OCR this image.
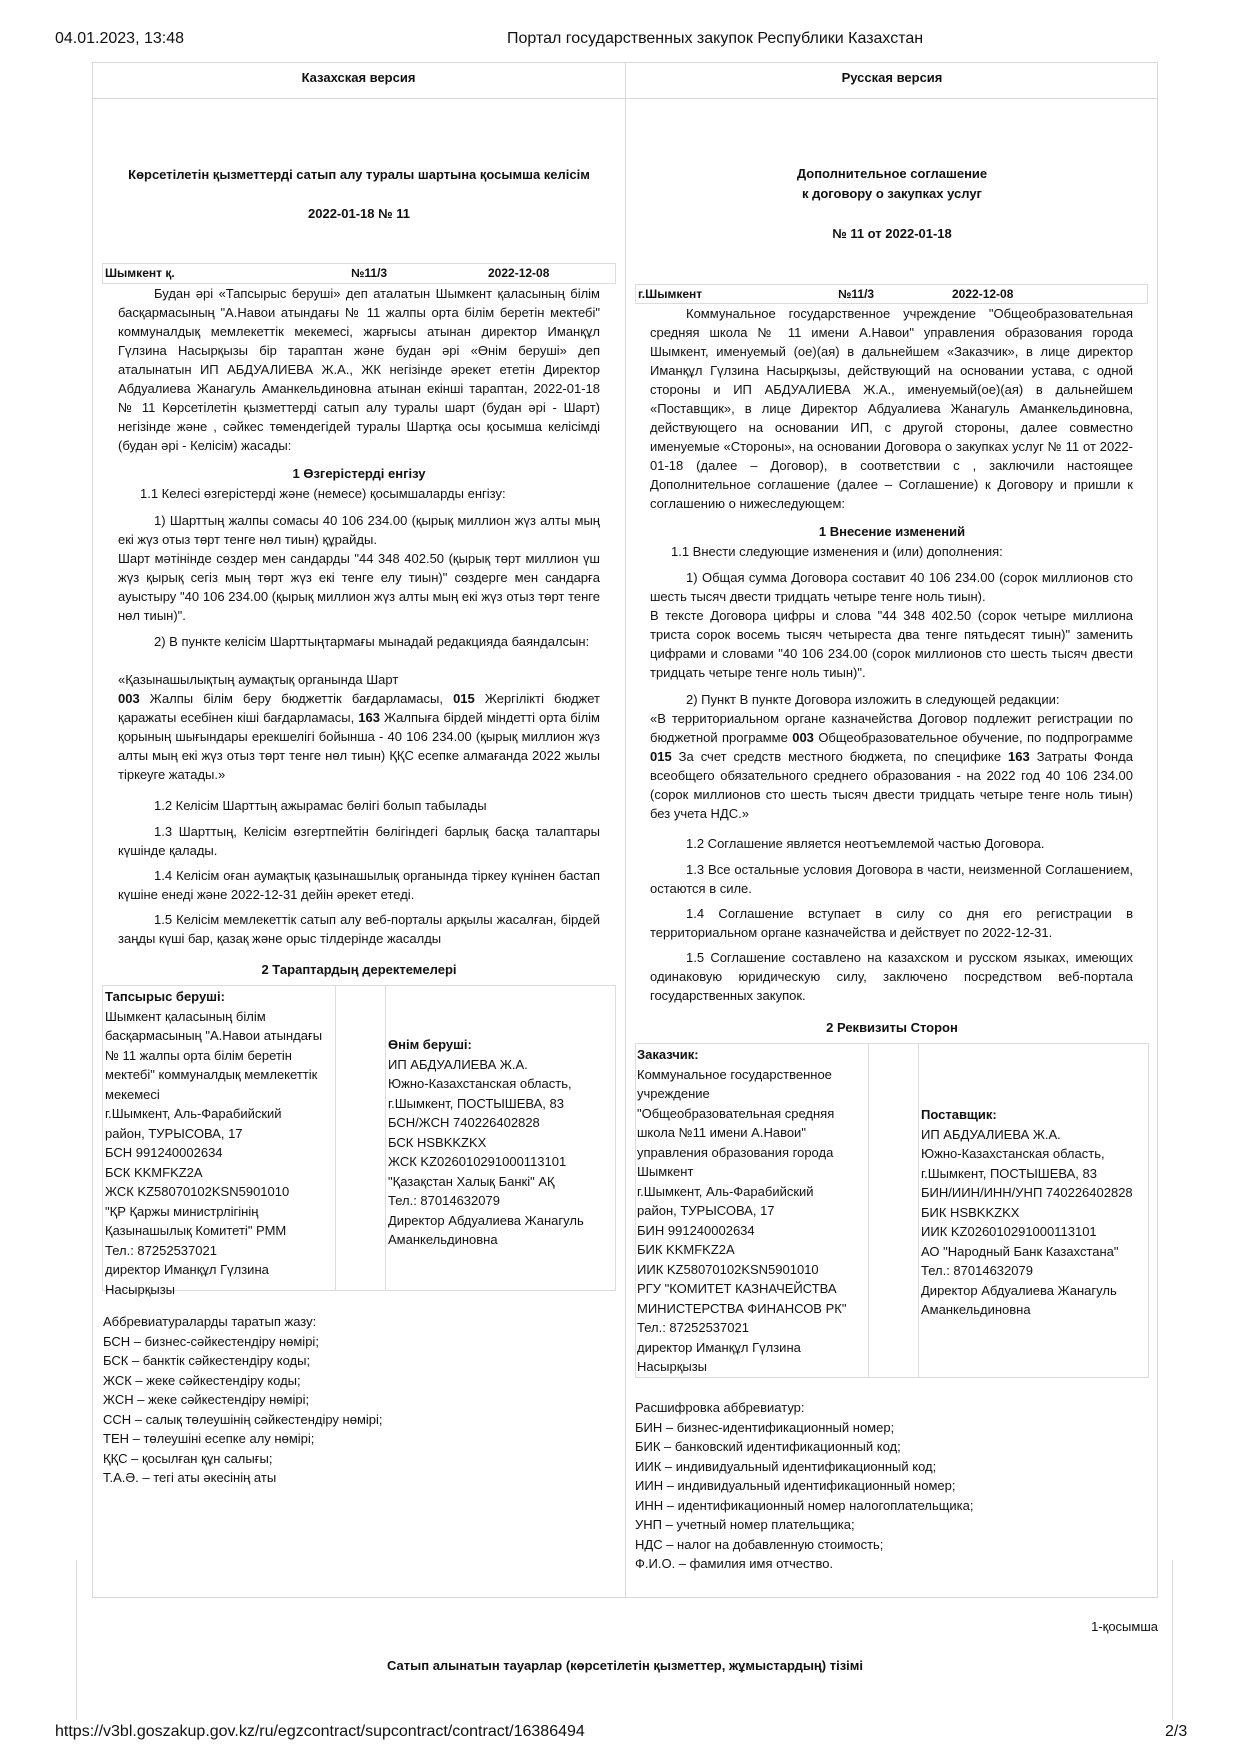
04.01.2023, 13:48	Портал государственных закупок Республики Казахстан
Казахская версия	Русская версия
Көрсетілетін қызметтерді сатып алу туралы шартына қосымша келісім
2022-01-18 № 11
Шымкент қ.	№11/3	2022-12-08
Будан әрі «Тапсырыс беруші» деп аталатын Шымкент қаласының білім басқармасының "А.Навои атындағы № 11 жалпы орта білім беретін мектебі" коммуналдық мемлекеттік мекемесі, жарғысы атынан директор Иманқұл Гүлзина Насырқызы бір тараптан және будан әрі «Өнім беруші» деп аталынатын ИП АБДУАЛИЕВА Ж.А., ЖК негізінде әрекет ететін Директор Абдуалиева Жанагуль Аманкельдиновна атынан екінші тараптан, 2022-01-18 № 11 Көрсетілетін қызметтерді сатып алу туралы шарт (будан әрі - Шарт) негізінде және , сәйкес төмендегідей туралы Шартқа осы қосымша келісімді (будан әрі - Келісім) жасады:
1 Өзгерістерді енгізу
1.1 Келесі өзгерістерді және (немесе) қосымшаларды енгізу:
1) Шарттың жалпы сомасы 40 106 234.00 (қырық миллион жүз алты мың екі жүз отыз төрт тенге нөл тиын) құрайды.
Шарт мәтінінде сөздер мен сандарды "44 348 402.50 (қырық төрт миллион үш жүз қырық сегіз мың төрт жүз екі тенге елу тиын)" сөздерге мен сандарға ауыстыру "40 106 234.00 (қырық миллион жүз алты мың екі жүз отыз төрт тенге нөл тиын)".
2) В пункте келісім Шарттыңтармағы мынадай редакцияда баяндалсын:
«Қазынашылықтың аумақтық органында Шарт
003 Жалпы білім беру бюджеттік бағдарламасы, 015 Жергілікті бюджет қаражаты есебінен кіші бағдарламасы, 163 Жалпыға бірдей міндетті орта білім қорының шығындары ерекшелігі бойынша - 40 106 234.00 (қырық миллион жүз алты мың екі жүз отыз төрт тенге нөл тиын) ҚҚС есепке алмағанда 2022 жылы тіркеуге жатады.»
1.2 Келісім Шарттың ажырамас бөлігі болып табылады
1.3 Шарттың, Келісім өзгертпейтін бөлігіндегі барлық басқа талаптары күшінде қалады.
1.4 Келісім оған аумақтық қазынашылық органында тіркеу күнінен бастап күшіне енеді және 2022-12-31 дейін әрекет етеді.
1.5 Келісім мемлекеттік сатып алу веб-порталы арқылы жасалған, бірдей заңды күші бар, қазақ және орыс тілдерінде жасалды
2 Тараптардың деректемелері
Тапсырыс беруші:
Шымкент қаласының білім
басқармасының "А.Навои атындағы
№ 11 жалпы орта білім беретін
мектебі" коммуналдық мемлекеттік
мекемесі
г.Шымкент, Аль-Фарабийский
район, ТУРЫСОВА, 17
БСН 991240002634
БСК KKMFKZ2A
ЖСК KZ58070102KSN5901010
"ҚР Қаржы министрлігінің
Қазынашылық Комитеті" РММ
Тел.: 87252537021
директор Иманқұл Гүлзина
Насырқызы
Өнім беруші:
ИП АБДУАЛИЕВА Ж.А.
Южно-Казахстанская область,
г.Шымкент, ПОСТЫШЕВА, 83
БСН/ЖСН 740226402828
БСК HSBKKZKX
ЖСК KZ026010291000113101
"Қазақстан Халық Банкі" АҚ
Тел.: 87014632079
Директор Абдуалиева Жанагуль
Аманкельдиновна
Аббревиатураларды таратып жазу:
БСН – бизнес-сәйкестендіру нөмірі;
БСК – банктік сәйкестендіру коды;
ЖСК – жеке сәйкестендіру коды;
ЖСН – жеке сәйкестендіру нөмірі;
ССН – салық төлеушінің сәйкестендіру нөмірі;
ТЕН – төлеушіні есепке алу нөмірі;
ҚҚС – қосылған құн салығы;
Т.А.Ә. – тегі аты әкесінің аты
Дополнительное соглашение
к договору о закупках услуг
№ 11 от 2022-01-18
г.Шымкент	№11/3	2022-12-08
Коммунальное государственное учреждение "Общеобразовательная средняя школа № 11 имени А.Навои" управления образования города Шымкент, именуемый (ое)(ая) в дальнейшем «Заказчик», в лице директор Иманқұл Гүлзина Насырқызы, действующий на основании устава, с одной стороны и ИП АБДУАЛИЕВА Ж.А., именуемый(ое)(ая) в дальнейшем «Поставщик», в лице Директор Абдуалиева Жанагуль Аманкельдиновна, действующего на основании ИП, с другой стороны, далее совместно именуемые «Стороны», на основании Договора о закупках услуг № 11 от 2022-01-18 (далее – Договор), в соответствии с , заключили настоящее Дополнительное соглашение (далее – Соглашение) к Договору и пришли к соглашению о нижеследующем:
1 Внесение изменений
1.1 Внести следующие изменения и (или) дополнения:
1) Общая сумма Договора составит 40 106 234.00 (сорок миллионов сто шесть тысяч двести тридцать четыре тенге ноль тиын).
В тексте Договора цифры и слова "44 348 402.50 (сорок четыре миллиона триста сорок восемь тысяч четыреста два тенге пятьдесят тиын)" заменить цифрами и словами "40 106 234.00 (сорок миллионов сто шесть тысяч двести тридцать четыре тенге ноль тиын)".
2) Пункт В пункте Договора изложить в следующей редакции:
«В территориальном органе казначейства Договор подлежит регистрации по бюджетной программе 003 Общеобразовательное обучение, по подпрограмме 015 За счет средств местного бюджета, по специфике 163 Затраты Фонда всеобщего обязательного среднего образования - на 2022 год 40 106 234.00 (сорок миллионов сто шесть тысяч двести тридцать четыре тенге ноль тиын) без учета НДС.»
1.2 Соглашение является неотъемлемой частью Договора.
1.3 Все остальные условия Договора в части, неизменной Соглашением, остаются в силе.
1.4 Соглашение вступает в силу со дня его регистрации в территориальном органе казначейства и действует по 2022-12-31.
1.5 Соглашение составлено на казахском и русском языках, имеющих одинаковую юридическую силу, заключено посредством веб-портала государственных закупок.
2 Реквизиты Сторон
Заказчик:
Коммунальное государственное
учреждение
"Общеобразовательная средняя
школа №11 имени А.Навои"
управления образования города
Шымкент
г.Шымкент, Аль-Фарабийский
район, ТУРЫСОВА, 17
БИН 991240002634
БИК KKMFKZ2A
ИИК KZ58070102KSN5901010
РГУ "КОМИТЕТ КАЗНАЧЕЙСТВА
МИНИСТЕРСТВА ФИНАНСОВ РК"
Тел.: 87252537021
директор Иманқұл Гүлзина
Насырқызы
Поставщик:
ИП АБДУАЛИЕВА Ж.А.
Южно-Казахстанская область,
г.Шымкент, ПОСТЫШЕВА, 83
БИН/ИИН/ИНН/УНП 740226402828
БИК HSBKKZKX
ИИК KZ026010291000113101
АО "Народный Банк Казахстана"
Тел.: 87014632079
Директор Абдуалиева Жанагуль
Аманкельдиновна
Расшифровка аббревиатур:
БИН – бизнес-идентификационный номер;
БИК – банковский идентификационный код;
ИИК – индивидуальный идентификационный код;
ИИН – индивидуальный идентификационный номер;
ИНН – идентификационный номер налогоплательщика;
УНП – учетный номер плательщика;
НДС – налог на добавленную стоимость;
Ф.И.О. – фамилия имя отчество.
1-қосымша
Сатып алынатын тауарлар (көрсетілетін қызметтер, жұмыстардың) тізімі
https://v3bl.goszakup.gov.kz/ru/egzcontract/supcontract/contract/16386494	2/3
